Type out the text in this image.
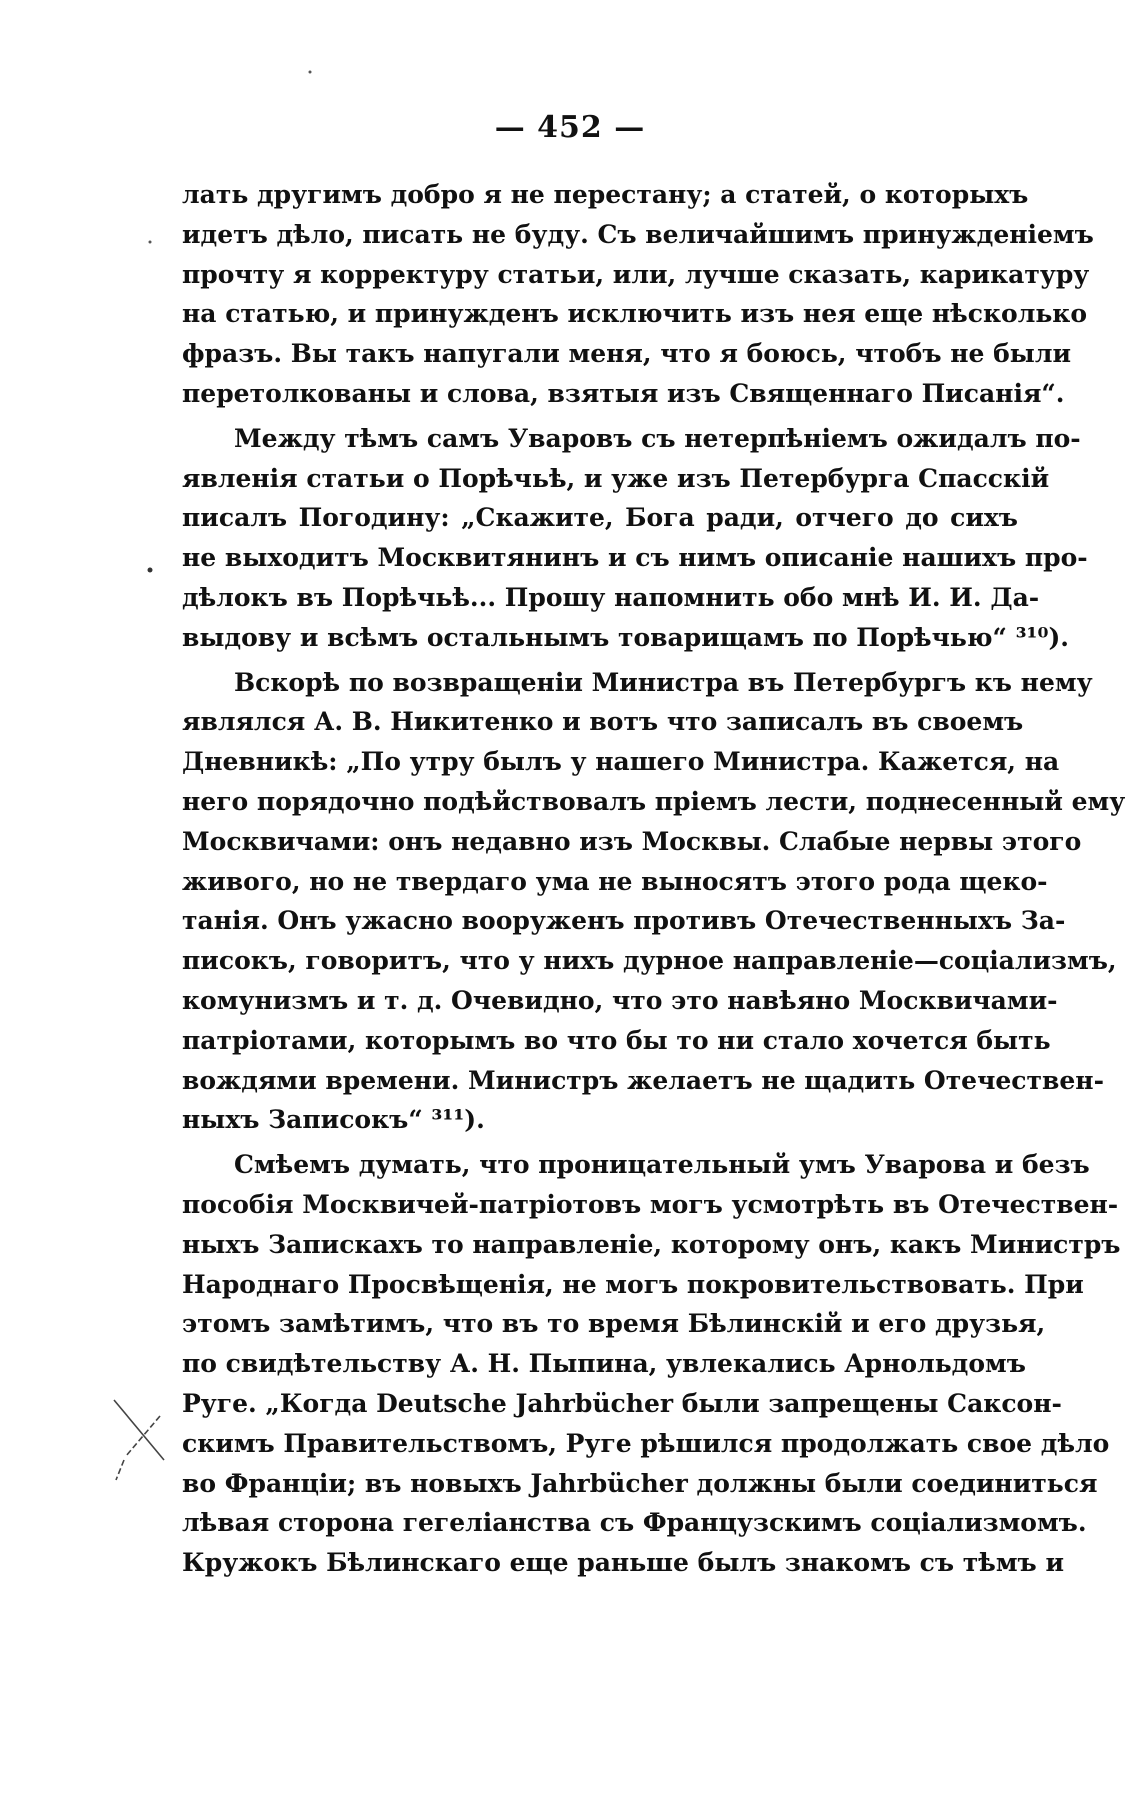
— 452 —
лать другимъ добро я не перестану; а статей, о которыхъ
идетъ дѣло, писать не буду. Съ величайшимъ принужденіемъ
прочту я корректуру статьи, или, лучше сказать, карикатуру
на статью, и принужденъ исключить изъ нея еще нѣсколько
фразъ. Вы такъ напугали меня, что я боюсь, чтобъ не были
перетолкованы и слова, взятыя изъ Священнаго Писанія“.
Между тѣмъ самъ Уваровъ съ нетерпѣніемъ ожидалъ по-
явленія статьи о Порѣчьѣ, и уже изъ Петербурга Спасскій
писалъ Погодину: „Скажите, Бога ради, отчего до сихъ
не выходитъ Москвитянинъ и съ нимъ описаніе нашихъ про-
дѣлокъ въ Порѣчьѣ... Прошу напомнить обо мнѣ И. И. Да-
выдову и всѣмъ остальнымъ товарищамъ по Порѣчью“ ³¹⁰).
Вскорѣ по возвращеніи Министра въ Петербургъ къ нему
являлся А. В. Никитенко и вотъ что записалъ въ своемъ
Дневникѣ: „По утру былъ у нашего Министра. Кажется, на
него порядочно подѣйствовалъ пріемъ лести, поднесенный ему
Москвичами: онъ недавно изъ Москвы. Слабые нервы этого
живого, но не твердаго ума не выносятъ этого рода щеко-
танія. Онъ ужасно вооруженъ противъ Отечественныхъ За-
писокъ, говоритъ, что у нихъ дурное направленіе—соціализмъ,
комунизмъ и т. д. Очевидно, что это навѣяно Москвичами-
патріотами, которымъ во что бы то ни стало хочется быть
вождями времени. Министръ желаетъ не щадить Отечествен-
ныхъ Записокъ“ ³¹¹).
Смѣемъ думать, что проницательный умъ Уварова и безъ
пособія Москвичей-патріотовъ могъ усмотрѣть въ Отечествен-
ныхъ Запискахъ то направленіе, которому онъ, какъ Министръ
Народнаго Просвѣщенія, не могъ покровительствовать. При
этомъ замѣтимъ, что въ то время Бѣлинскій и его друзья,
по свидѣтельству А. Н. Пыпина, увлекались Арнольдомъ
Руге. „Когда Deutsche Jahrbücher были запрещены Саксон-
скимъ Правительствомъ, Руге рѣшился продолжать свое дѣло
во Франціи; въ новыхъ Jahrbücher должны были соединиться
лѣвая сторона гегеліанства съ Французскимъ соціализмомъ.
Кружокъ Бѣлинскаго еще раньше былъ знакомъ съ тѣмъ и
